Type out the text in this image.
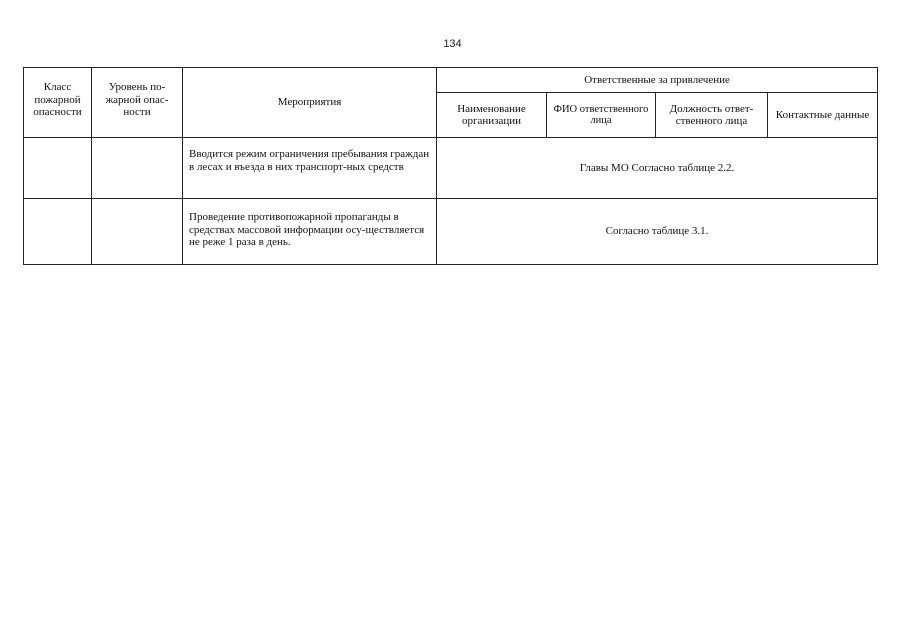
134
Класс пожарной опасности	Уровень по-жарной опас-ности	Мероприятия	Ответственные за привлечение			
			Наименование организации	ФИО ответственного лица	Должность ответ-ственного лица	Контактные данные
		Вводится режим ограничения пребывания граждан в лесах и въезда в них транспорт-ных средств	Главы МО Согласно таблице 2.2.			
		Проведение противопожарной пропаганды в средствах массовой информации осу-ществляется не реже 1 раза в день.	Согласно таблице 3.1.			
